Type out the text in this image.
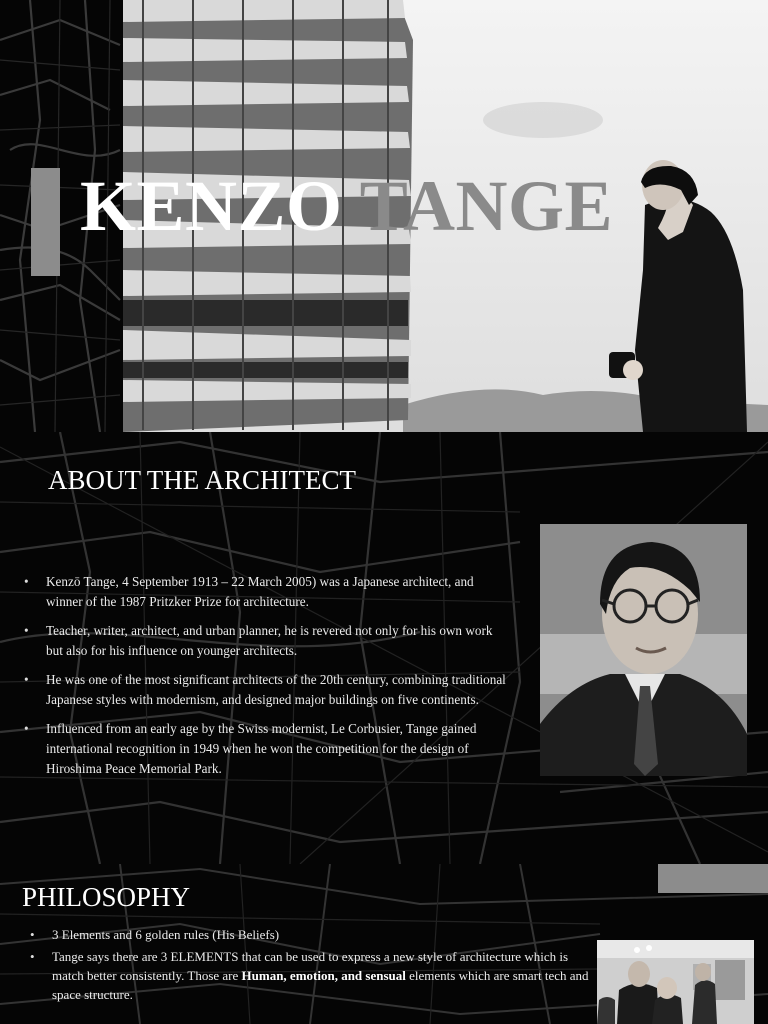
KENZO TANGE
ABOUT THE ARCHITECT
• Kenzō Tange, 4 September 1913 – 22 March 2005) was a Japanese architect, and winner of the 1987 Pritzker Prize for architecture.
• Teacher, writer, architect, and urban planner, he is revered not only for his own work but also for his influence on younger architects.
• He was one of the most significant architects of the 20th century, combining traditional Japanese styles with modernism, and designed major buildings on five continents.
• Influenced from an early age by the Swiss modernist, Le Corbusier, Tange gained international recognition in 1949 when he won the competition for the design of Hiroshima Peace Memorial Park.
PHILOSOPHY
• 3 Elements and 6 golden rules (His Beliefs)
• Tange says there are 3 ELEMENTS that can be used to express a new style of architecture which is match better consistently. Those are Human, emotion, and sensual elements which are smart tech and space structure.
